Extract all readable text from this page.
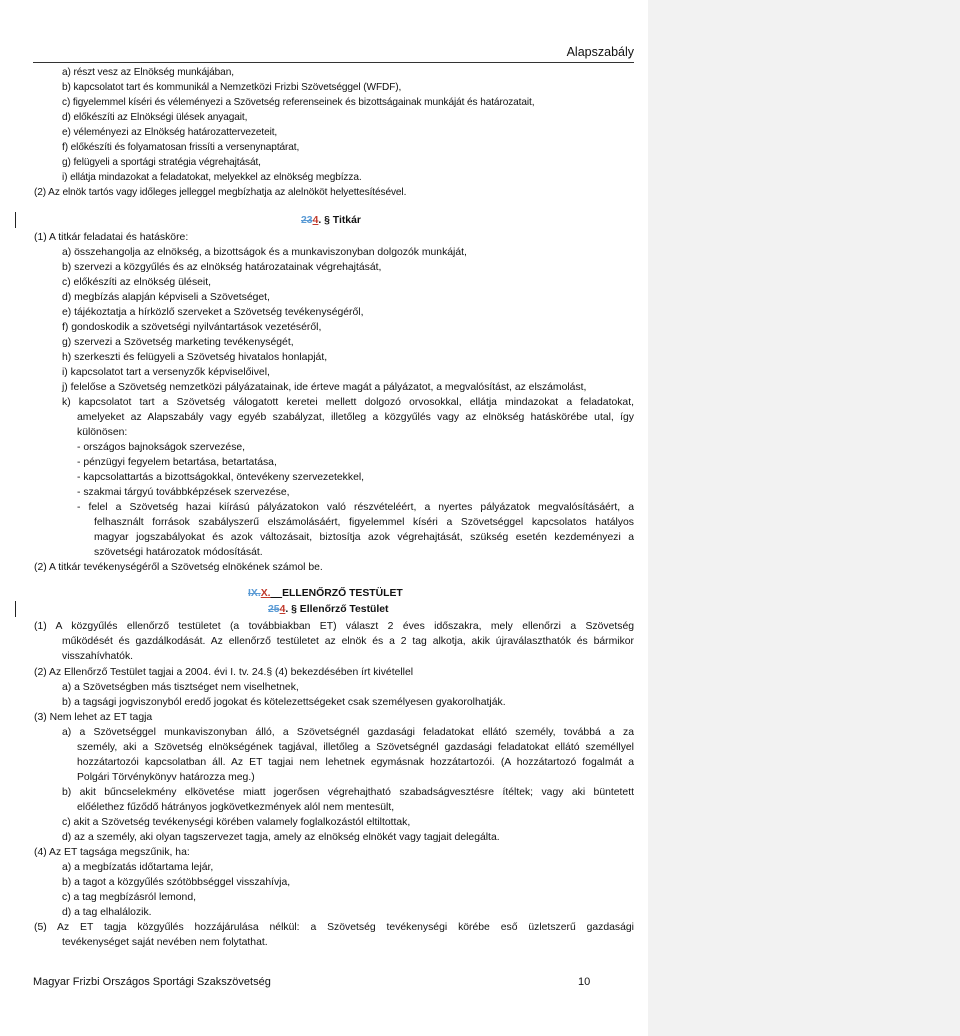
Alapszabály
a) részt vesz az Elnökség munkájában,
b) kapcsolatot tart és kommunikál a Nemzetközi Frizbi Szövetséggel (WFDF),
c) figyelemmel kíséri és véleményezi a Szövetség referenseinek és bizottságainak munkáját és határozatait,
d) előkészíti az Elnökségi ülések anyagait,
e) véleményezi az Elnökség határozattervezeteit,
f) előkészíti és folyamatosan frissíti a versenynaptárat,
g) felügyeli a sportági stratégia végrehajtását,
i) ellátja mindazokat a feladatokat, melyekkel az elnökség megbízza.
(2) Az elnök tartós vagy időleges jelleggel megbízhatja az alelnököt helyettesítésével.
234. § Titkár
(1) A titkár feladatai és hatásköre:
a) összehangolja az elnökség, a bizottságok és a munkaviszonyban dolgozók munkáját,
b) szervezi a közgyűlés és az elnökség határozatainak végrehajtását,
c) előkészíti az elnökség üléseit,
d) megbízás alapján képviseli a Szövetséget,
e) tájékoztatja a hírközlő szerveket a Szövetség tevékenységéről,
f) gondoskodik a szövetségi nyilvántartások vezetéséről,
g) szervezi a Szövetség marketing tevékenységét,
h) szerkeszti és felügyeli a Szövetség hivatalos honlapját,
i) kapcsolatot tart a versenyzők képviselőivel,
j) felelőse a Szövetség nemzetközi pályázatainak, ide érteve magát a pályázatot, a megvalósítást, az elszámolást,
k) kapcsolatot tart a Szövetség válogatott keretei mellett dolgozó orvosokkal, ellátja mindazokat a feladatokat,
amelyeket az Alapszabály vagy egyéb szabályzat, illetőleg a közgyűlés vagy az elnökség hatáskörébe utal, így
különösen:
- országos bajnokságok szervezése,
- pénzügyi fegyelem betartása, betartatása,
- kapcsolattartás a bizottságokkal, öntevékeny szervezetekkel,
- szakmai tárgyú továbbképzések szervezése,
- felel a Szövetség hazai kiírású pályázatokon való részvételéért, a nyertes pályázatok megvalósításáért, a
felhasznált források szabályszerű elszámolásáért, figyelemmel kíséri a Szövetséggel kapcsolatos hatályos
magyar jogszabályokat és azok változásait, biztosítja azok végrehajtását, szükség esetén kezdeményezi a
szövetségi határozatok módosítását.
(2) A titkár tevékenységéről a Szövetség elnökének számol be.
IX.X. ELLENŐRZŐ TESTÜLET
254. § Ellenőrző Testület
(1) A közgyűlés ellenőrző testületet (a továbbiakban ET) választ 2 éves időszakra, mely ellenőrzi a Szövetség
működését és gazdálkodását. Az ellenőrző testületet az elnök és a 2 tag alkotja, akik újraválaszthatók és bármikor
visszahívhatók.
(2) Az Ellenőrző Testület tagjai a 2004. évi I. tv. 24.§ (4) bekezdésében írt kivétellel
a) a Szövetségben más tisztséget nem viselhetnek,
b) a tagsági jogviszonyból eredő jogokat és kötelezettségeket csak személyesen gyakorolhatják.
(3) Nem lehet az ET tagja
a) a Szövetséggel munkaviszonyban álló, a Szövetségnél gazdasági feladatokat ellátó személy, továbbá a za
személy, aki a Szövetség elnökségének tagjával, illetőleg a Szövetségnél gazdasági feladatokat ellátó személlyel
hozzátartozói kapcsolatban áll. Az ET tagjai nem lehetnek egymásnak hozzátartozói. (A hozzátartozó fogalmát a
Polgári Törvénykönyv határozza meg.)
b) akit bűncselekmény elkövetése miatt jogerősen végrehajtható szabadságvesztésre ítéltek; vagy aki büntetett
előélethez fűződő hátrányos jogkövetkezmények alól nem mentesült,
c) akit a Szövetség tevékenységi körében valamely foglalkozástól eltiltottak,
d) az a személy, aki olyan tagszervezet tagja, amely az elnökség elnökét vagy tagjait delegálta.
(4) Az ET tagsága megszűnik, ha:
a) a megbízatás időtartama lejár,
b) a tagot a közgyűlés szótöbbséggel visszahívja,
c) a tag megbízásról lemond,
d) a tag elhalálozik.
(5) Az ET tagja közgyűlés hozzájárulása nélkül: a Szövetség tevékenységi körébe eső üzletszerű gazdasági
tevékenységet saját nevében nem folytathat.
Magyar Frizbi Országos Sportági Szakszövetség	10
